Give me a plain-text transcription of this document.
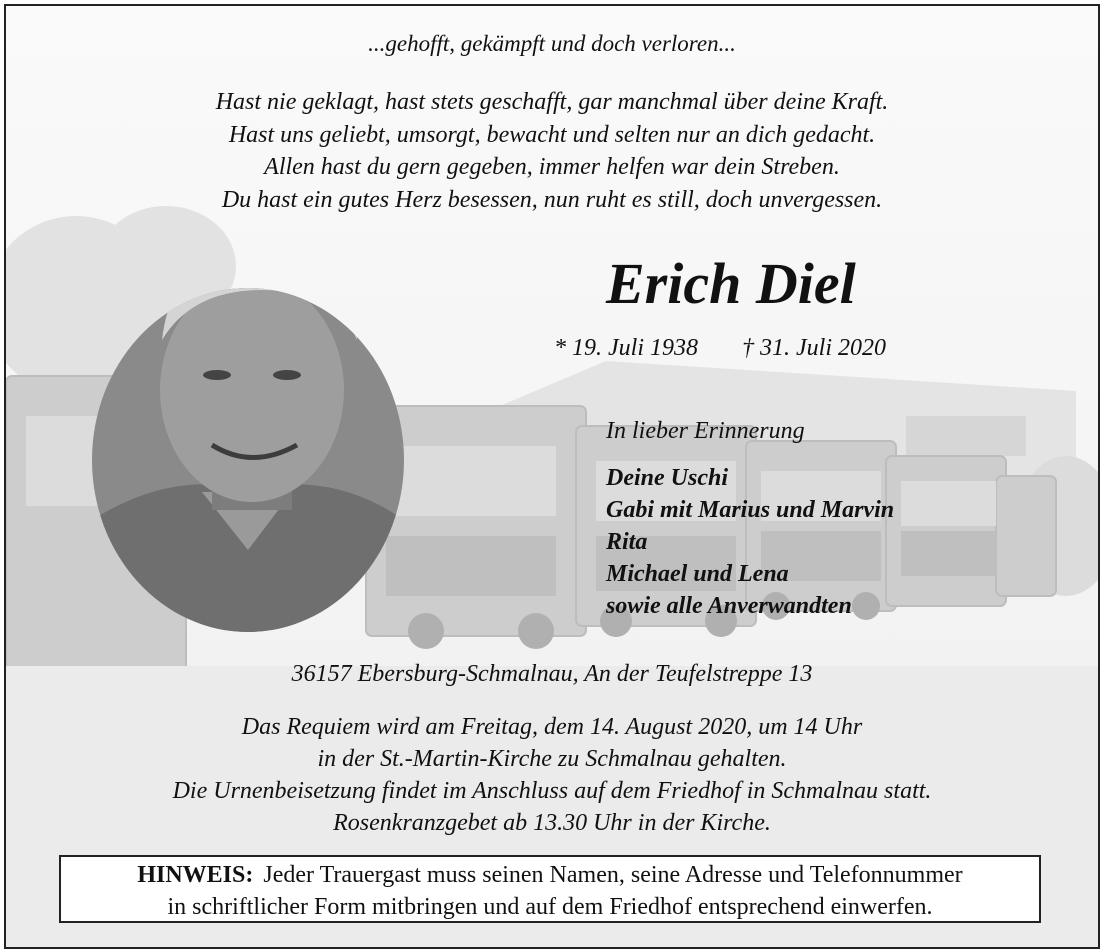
...gehofft, gekämpft und doch verloren...
Hast nie geklagt, hast stets geschafft, gar manchmal über deine Kraft.
Hast uns geliebt, umsorgt, bewacht und selten nur an dich gedacht.
Allen hast du gern gegeben, immer helfen war dein Streben.
Du hast ein gutes Herz besessen, nun ruht es still, doch unvergessen.
Erich Diel
* 19. Juli 1938 † 31. Juli 2020
In lieber Erinnerung
Deine Uschi
Gabi mit Marius und Marvin
Rita
Michael und Lena
sowie alle Anverwandten
36157 Ebersburg-Schmalnau, An der Teufelstreppe 13
Das Requiem wird am Freitag, dem 14. August 2020, um 14 Uhr
in der St.-Martin-Kirche zu Schmalnau gehalten.
Die Urnenbeisetzung findet im Anschluss auf dem Friedhof in Schmalnau statt.
Rosenkranzgebet ab 13.30 Uhr in der Kirche.
HINWEIS: Jeder Trauergast muss seinen Namen, seine Adresse und Telefonnummer
in schriftlicher Form mitbringen und auf dem Friedhof entsprechend einwerfen.
